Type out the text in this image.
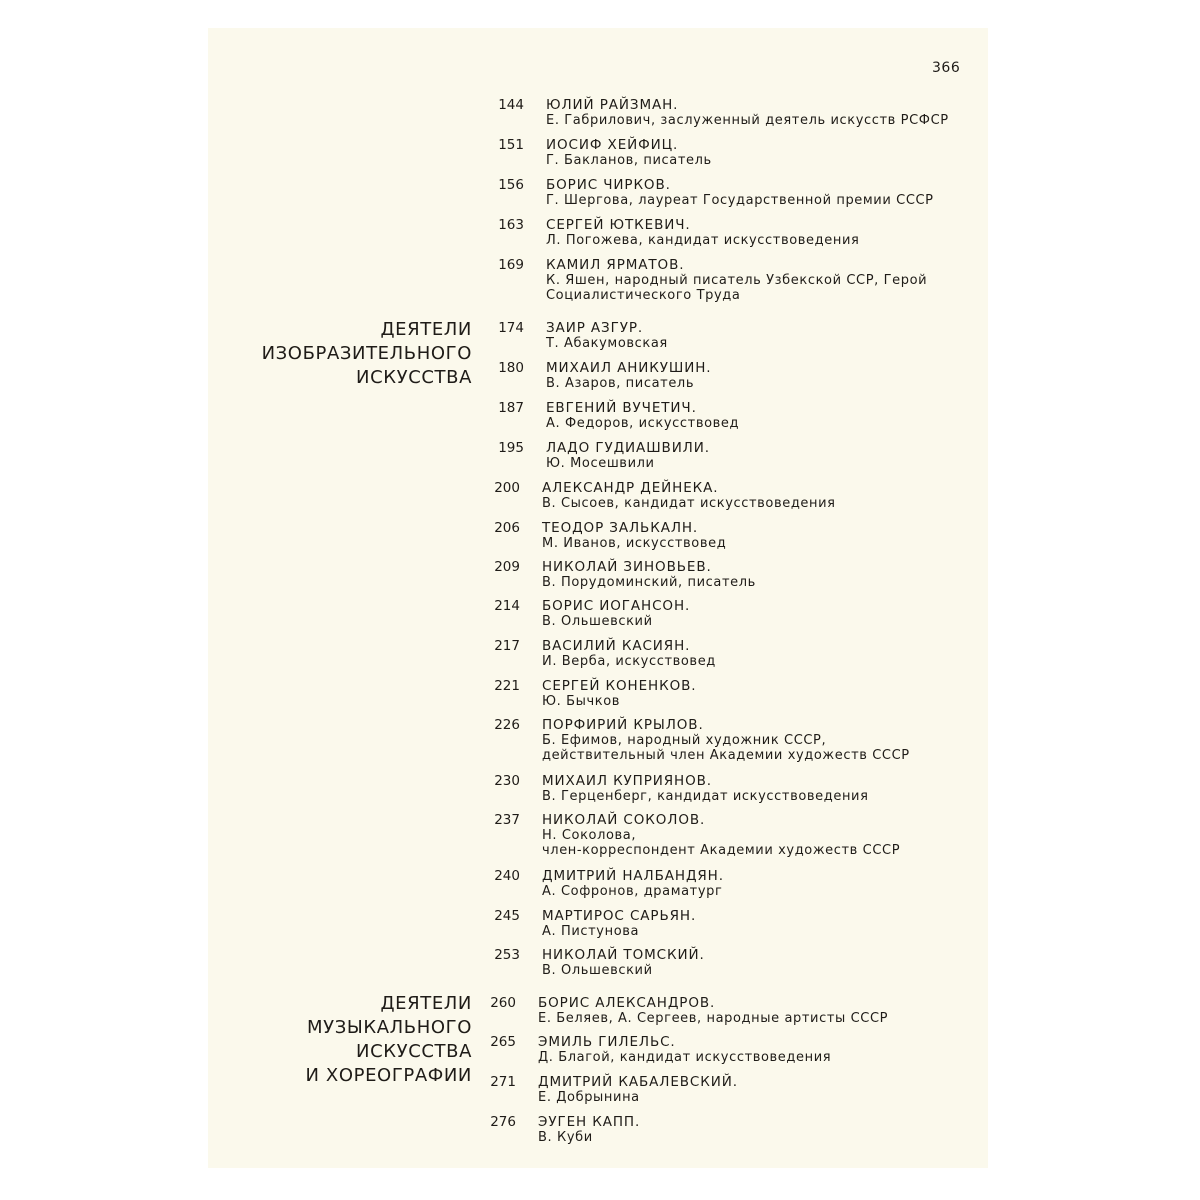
366
ДЕЯТЕЛИ
ИЗОБРАЗИТЕЛЬНОГО
ИСКУССТВА
ДЕЯТЕЛИ
МУЗЫКАЛЬНОГО
ИСКУССТВА
И ХОРЕОГРАФИИ
144 ЮЛИЙ РАЙЗМАН.
Е. Габрилович, заслуженный деятель искусств РСФСР
151 ИОСИФ ХЕЙФИЦ.
Г. Бакланов, писатель
156 БОРИС ЧИРКОВ.
Г. Шергова, лауреат Государственной премии СССР
163 СЕРГЕЙ ЮТКЕВИЧ.
Л. Погожева, кандидат искусствоведения
169 КАМИЛ ЯРМАТОВ.
К. Яшен, народный писатель Узбекской ССР, Герой
Социалистического Труда
174 ЗАИР АЗГУР.
Т. Абакумовская
180 МИХАИЛ АНИКУШИН.
В. Азаров, писатель
187 ЕВГЕНИЙ ВУЧЕТИЧ.
А. Федоров, искусствовед
195 ЛАДО ГУДИАШВИЛИ.
Ю. Мосешвили
200 АЛЕКСАНДР ДЕЙНЕКА.
В. Сысоев, кандидат искусствоведения
206 ТЕОДОР ЗАЛЬКАЛН.
М. Иванов, искусствовед
209 НИКОЛАЙ ЗИНОВЬЕВ.
В. Порудоминский, писатель
214 БОРИС ИОГАНСОН.
В. Ольшевский
217 ВАСИЛИЙ КАСИЯН.
И. Верба, искусствовед
221 СЕРГЕЙ КОНЕНКОВ.
Ю. Бычков
226 ПОРФИРИЙ КРЫЛОВ.
Б. Ефимов, народный художник СССР,
действительный член Академии художеств СССР
230 МИХАИЛ КУПРИЯНОВ.
В. Герценберг, кандидат искусствоведения
237 НИКОЛАЙ СОКОЛОВ.
Н. Соколова,
член-корреспондент Академии художеств СССР
240 ДМИТРИЙ НАЛБАНДЯН.
А. Софронов, драматург
245 МАРТИРОС САРЬЯН.
А. Пистунова
253 НИКОЛАЙ ТОМСКИЙ.
В. Ольшевский
260 БОРИС АЛЕКСАНДРОВ.
Е. Беляев, А. Сергеев, народные артисты СССР
265 ЭМИЛЬ ГИЛЕЛЬС.
Д. Благой, кандидат искусствоведения
271 ДМИТРИЙ КАБАЛЕВСКИЙ.
Е. Добрынина
276 ЭУГЕН КАПП.
В. Куби
